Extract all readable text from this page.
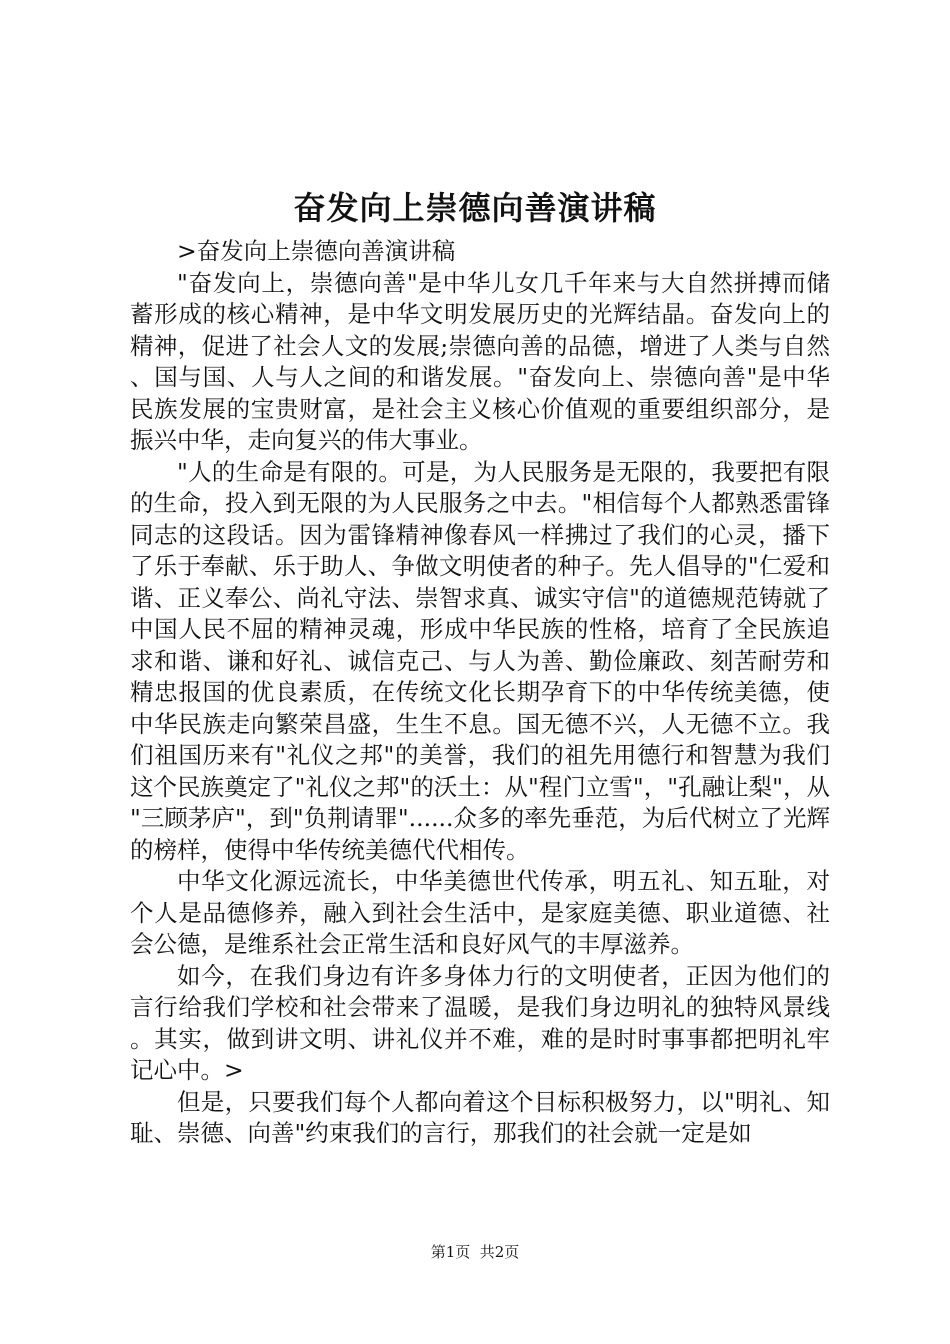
奋发向上崇德向善演讲稿

>奋发向上崇德向善演讲稿

"奋发向上，崇德向善"是中华儿女几千年来与大自然拼搏而储蓄形成的核心精神，是中华文明发展历史的光辉结晶。奋发向上的精神，促进了社会人文的发展;崇德向善的品德，增进了人类与自然、国与国、人与人之间的和谐发展。"奋发向上、崇德向善"是中华民族发展的宝贵财富，是社会主义核心价值观的重要组织部分，是振兴中华，走向复兴的伟大事业。

"人的生命是有限的。可是，为人民服务是无限的，我要把有限的生命，投入到无限的为人民服务之中去。"相信每个人都熟悉雷锋同志的这段话。因为雷锋精神像春风一样拂过了我们的心灵，播下了乐于奉献、乐于助人、争做文明使者的种子。先人倡导的"仁爱和谐、正义奉公、尚礼守法、崇智求真、诚实守信"的道德规范铸就了中国人民不屈的精神灵魂，形成中华民族的性格，培育了全民族追求和谐、谦和好礼、诚信克己、与人为善、勤俭廉政、刻苦耐劳和精忠报国的优良素质，在传统文化长期孕育下的中华传统美德，使中华民族走向繁荣昌盛，生生不息。国无德不兴，人无德不立。我们祖国历来有"礼仪之邦"的美誉，我们的祖先用德行和智慧为我们这个民族奠定了"礼仪之邦"的沃土：从"程门立雪"，"孔融让梨"，从"三顾茅庐"，到"负荆请罪"......众多的率先垂范，为后代树立了光辉的榜样，使得中华传统美德代代相传。

中华文化源远流长，中华美德世代传承，明五礼、知五耻，对个人是品德修养，融入到社会生活中，是家庭美德、职业道德、社会公德，是维系社会正常生活和良好风气的丰厚滋养。

如今，在我们身边有许多身体力行的文明使者，正因为他们的言行给我们学校和社会带来了温暖，是我们身边明礼的独特风景线。其实，做到讲文明、讲礼仪并不难，难的是时时事事都把明礼牢记心中。>

但是，只要我们每个人都向着这个目标积极努力，以"明礼、知耻、崇德、向善"约束我们的言行，那我们的社会就一定是如

第1页  共2页
